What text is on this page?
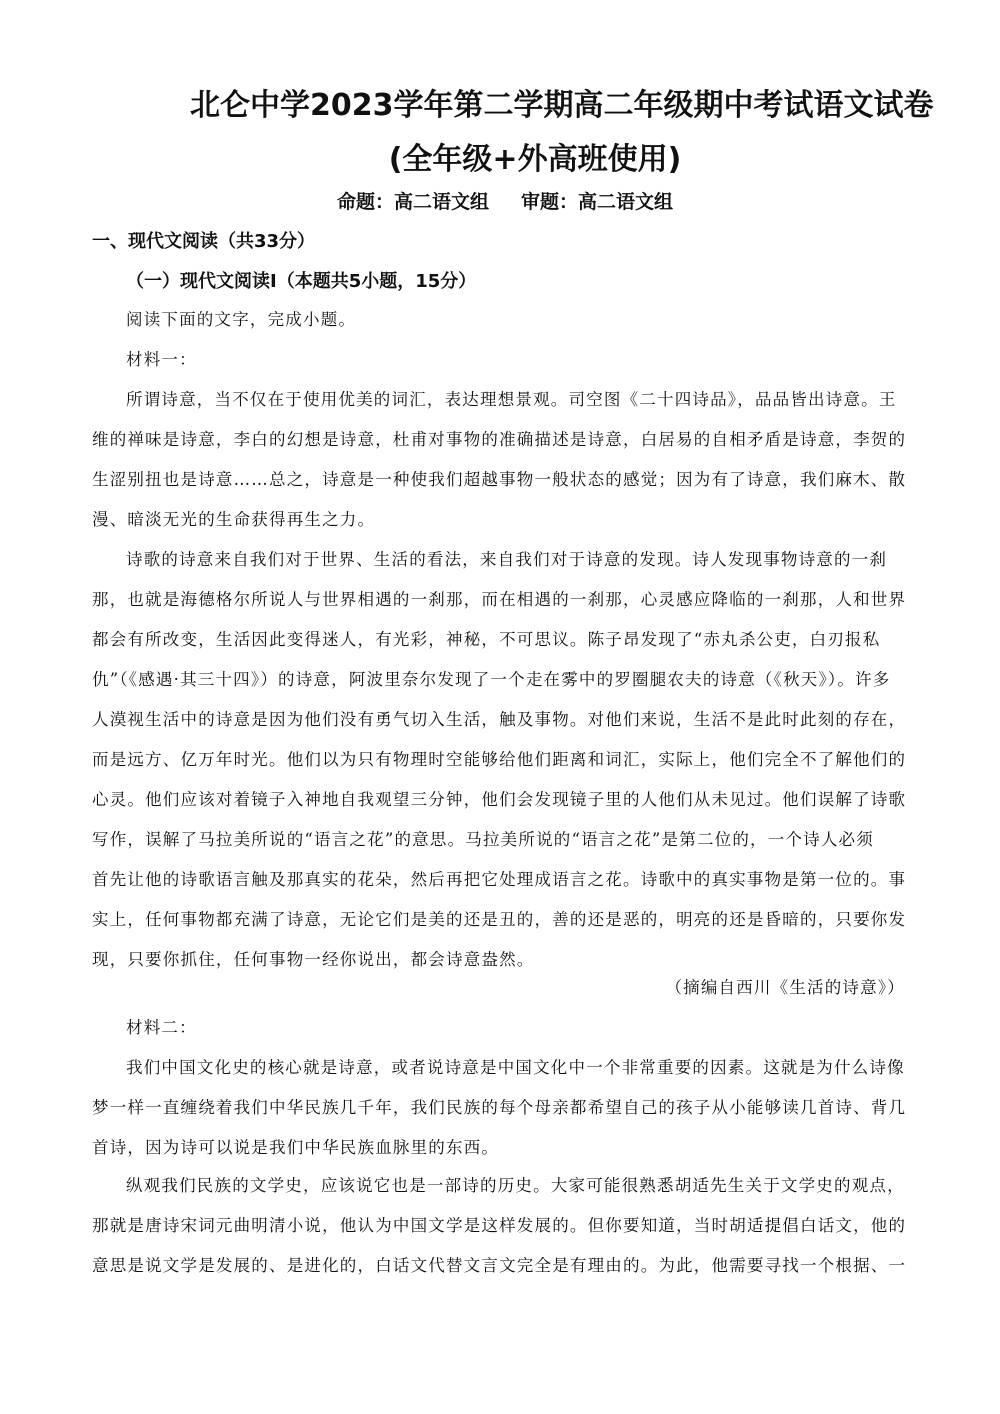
北仑中学2023学年第二学期高二年级期中考试语文试卷
(全年级+外高班使用)
命题：高二语文组 审题：高二语文组
一、现代文阅读（共33分）
（一）现代文阅读Ⅰ（本题共5小题，15分）
阅读下面的文字，完成小题。
材料一：
所谓诗意，当不仅在于使用优美的词汇，表达理想景观。司空图《二十四诗品》，品品皆出诗意。王
维的禅味是诗意，李白的幻想是诗意，杜甫对事物的准确描述是诗意，白居易的自相矛盾是诗意，李贺的
生涩别扭也是诗意……总之，诗意是一种使我们超越事物一般状态的感觉；因为有了诗意，我们麻木、散
漫、暗淡无光的生命获得再生之力。
诗歌的诗意来自我们对于世界、生活的看法，来自我们对于诗意的发现。诗人发现事物诗意的一刹
那，也就是海德格尔所说人与世界相遇的一刹那，而在相遇的一刹那，心灵感应降临的一刹那，人和世界
都会有所改变，生活因此变得迷人，有光彩，神秘，不可思议。陈子昂发现了“赤丸杀公吏，白刃报私
仇”（《感遇·其三十四》）的诗意，阿波里奈尔发现了一个走在雾中的罗圈腿农夫的诗意（《秋天》）。许多
人漠视生活中的诗意是因为他们没有勇气切入生活，触及事物。对他们来说，生活不是此时此刻的存在，
而是远方、亿万年时光。他们以为只有物理时空能够给他们距离和词汇，实际上，他们完全不了解他们的
心灵。他们应该对着镜子入神地自我观望三分钟，他们会发现镜子里的人他们从未见过。他们误解了诗歌
写作，误解了马拉美所说的“语言之花”的意思。马拉美所说的“语言之花”是第二位的，一个诗人必须
首先让他的诗歌语言触及那真实的花朵，然后再把它处理成语言之花。诗歌中的真实事物是第一位的。事
实上，任何事物都充满了诗意，无论它们是美的还是丑的，善的还是恶的，明亮的还是昏暗的，只要你发
现，只要你抓住，任何事物一经你说出，都会诗意盎然。
（摘编自西川《生活的诗意》）
材料二：
我们中国文化史的核心就是诗意，或者说诗意是中国文化中一个非常重要的因素。这就是为什么诗像
梦一样一直缠绕着我们中华民族几千年，我们民族的每个母亲都希望自己的孩子从小能够读几首诗、背几
首诗，因为诗可以说是我们中华民族血脉里的东西。
纵观我们民族的文学史，应该说它也是一部诗的历史。大家可能很熟悉胡适先生关于文学史的观点，
那就是唐诗宋词元曲明清小说，他认为中国文学是这样发展的。但你要知道，当时胡适提倡白话文，他的
意思是说文学是发展的、是进化的，白话文代替文言文完全是有理由的。为此，他需要寻找一个根据、一
